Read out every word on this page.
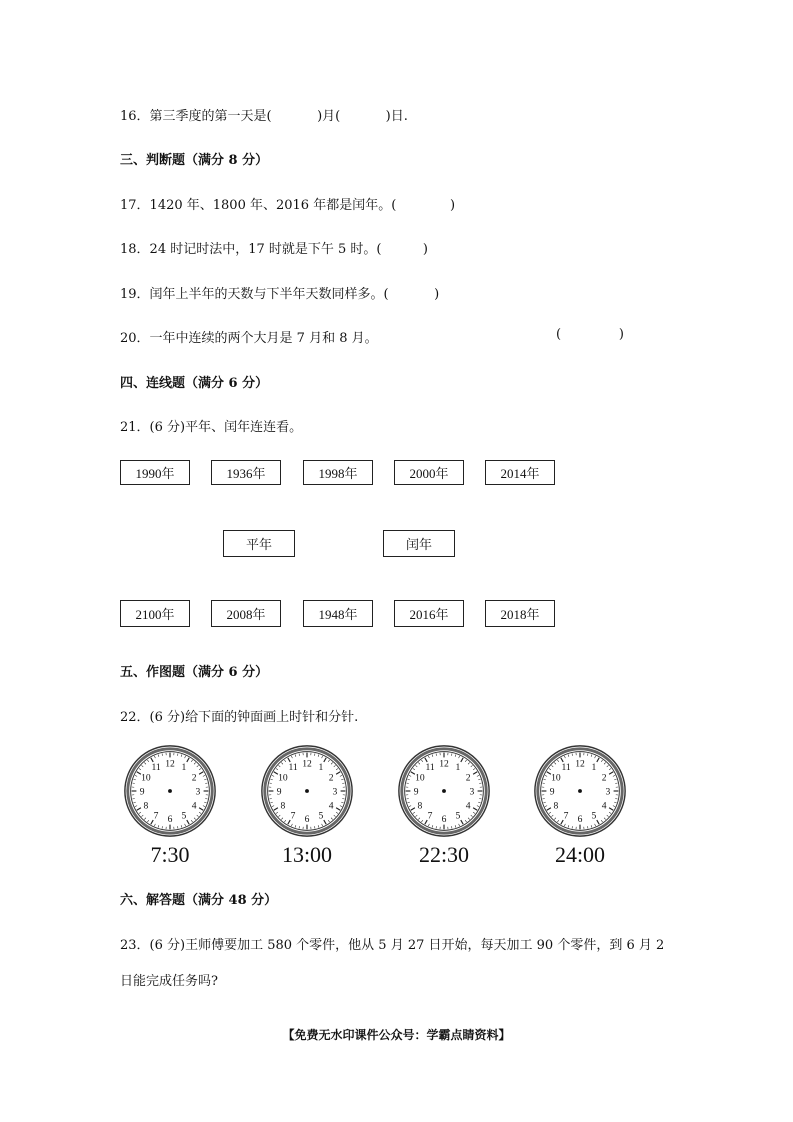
16．第三季度的第一天是(           )月(           )日.
三、判断题（满分 8 分）
17．1420 年、1800 年、2016 年都是闰年。(             )
18．24 时记时法中，17 时就是下午 5 时。(          )
19．闰年上半年的天数与下半年天数同样多。(           )
20．一年中连续的两个大月是 7 月和 8 月。	(              )
四、连线题（满分 6 分）
21．(6 分)平年、闰年连连看。
1990年	1936年	1998年	2000年	2014年
平年	闰年
2100年	2008年	1948年	2016年	2018年
五、作图题（满分 6 分）
22．(6 分)给下面的钟面画上时针和分针.
12 1
2
3
4
5
6
7
8
9
10
11	12 1
2
3
4
5
6
7
8
9
10
11	12 1
2
3
4
5
6
7
8
9
10
11	12 1
2
3
4
5
6
7
8
9
10
11
7:30	13:00	22:30	24:00
六、解答题（满分 48 分）
23．(6 分)王师傅要加工 580 个零件，他从 5 月 27 日开始，每天加工 90 个零件，到 6 月 2
日能完成任务吗?
【免费无水印课件公众号：学霸点睛资料】
